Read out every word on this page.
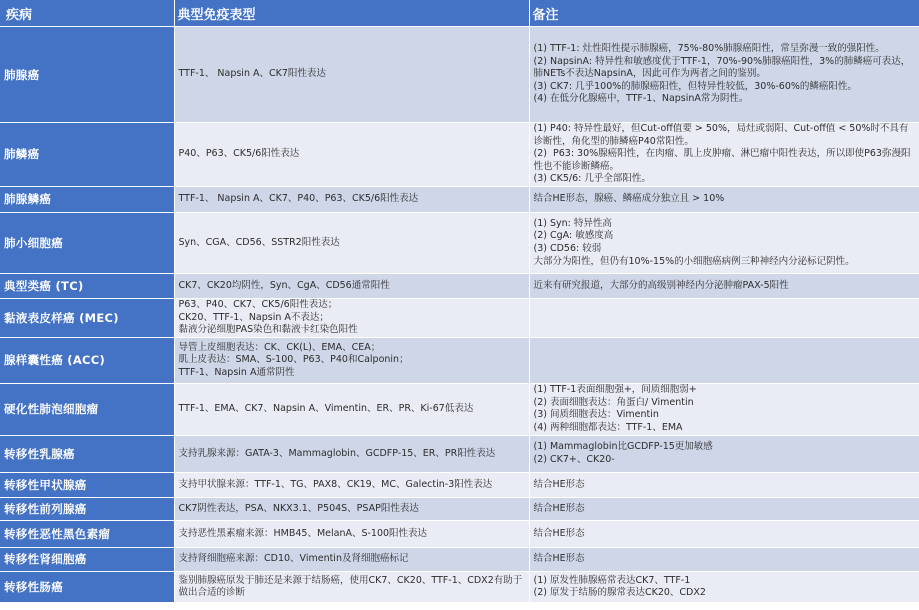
疾病	典型免疫表型	备注
肺腺癌	TTF-1、 Napsin A、CK7阳性表达	(1) TTF-1: 灶性阳性提示肺腺癌，75%-80%肺腺癌阳性，常呈弥漫一致的强阳性。
(2) NapsinA: 特异性和敏感度优于TTF-1，70%-90%肺腺癌阳性，3%的肺鳞癌可表达， 肺NETs不表达NapsinA，因此可作为两者之间的鉴别。
(3) CK7: 几乎100%的肺腺癌阳性，但特异性较低，30%-60%的鳞癌阳性。
(4) 在低分化腺癌中，TTF-1、NapsinA常为阴性。

肺鳞癌	P40、P63、CK5/6阳性表达	(1) P40: 特异性最好，但Cut-off值要 > 50%，局灶或弱阳、Cut-off值 < 50%时不具有诊断性，角化型的肺鳞癌P40常阳性。
(2)  P63: 30%腺癌阳性，在肉瘤、肌上皮肿瘤、淋巴瘤中阳性表达，所以即使P63弥漫阳性也不能诊断鳞癌。
(3) CK5/6: 几乎全部阳性。

肺腺鳞癌	TTF-1、 Napsin A、CK7、P40、P63、CK5/6阳性表达	结合HE形态，腺癌、鳞癌成分独立且 > 10%

肺小细胞癌	Syn、CGA、CD56、SSTR2阳性表达	(1) Syn: 特异性高
(2) CgA: 敏感度高
(3) CD56: 较弱
大部分为阳性，但仍有10%-15%的小细胞癌病例三种神经内分泌标记阴性。

典型类癌 (TC)	CK7、CK20均阴性，Syn、CgA、CD56通常阳性	近来有研究报道，大部分的高级别神经内分泌肿瘤PAX-5阳性

黏液表皮样癌 (MEC)	P63、P40、CK7、CK5/6阳性表达；
CK20、TTF-1、Napsin A不表达；
黏液分泌细胞PAS染色和黏液卡红染色阳性	

腺样囊性癌 (ACC)	导管上皮细胞表达：CK、CK(L)、EMA、CEA；
肌上皮表达：SMA、S-100、P63、P40和Calponin；
TTF-1、Napsin A通常阴性	

硬化性肺泡细胞瘤	TTF-1、EMA、CK7、Napsin A、Vimentin、ER、PR、Ki-67低表达	(1) TTF-1表面细胞强+，间质细胞弱+
(2) 表面细胞表达：角蛋白/ Vimentin
(3) 间质细胞表达：Vimentin
(4) 两种细胞都表达：TTF-1、EMA

转移性乳腺癌	支持乳腺来源：GATA-3、Mammaglobin、GCDFP-15、ER、PR阳性表达	(1) Mammaglobin比GCDFP-15更加敏感
(2) CK7+、CK20-

转移性甲状腺癌	支持甲状腺来源：TTF-1、TG、PAX8、CK19、MC、Galectin-3阳性表达	结合HE形态

转移性前列腺癌	CK7阴性表达，PSA、NKX3.1、P504S、PSAP阳性表达	结合HE形态

转移性恶性黑色素瘤	支持恶性黑素瘤来源：HMB45、MelanA、S-100阳性表达	结合HE形态

转移性肾细胞癌	支持肾细胞癌来源：CD10、Vimentin及肾细胞癌标记	结合HE形态

转移性肠癌	鉴别肺腺癌原发于肺还是来源于结肠癌，使用CK7、CK20、TTF-1、CDX2有助于做出合适的诊断	(1) 原发性肺腺癌常表达CK7、TTF-1
(2) 原发于结肠的腺常表达CK20、CDX2
